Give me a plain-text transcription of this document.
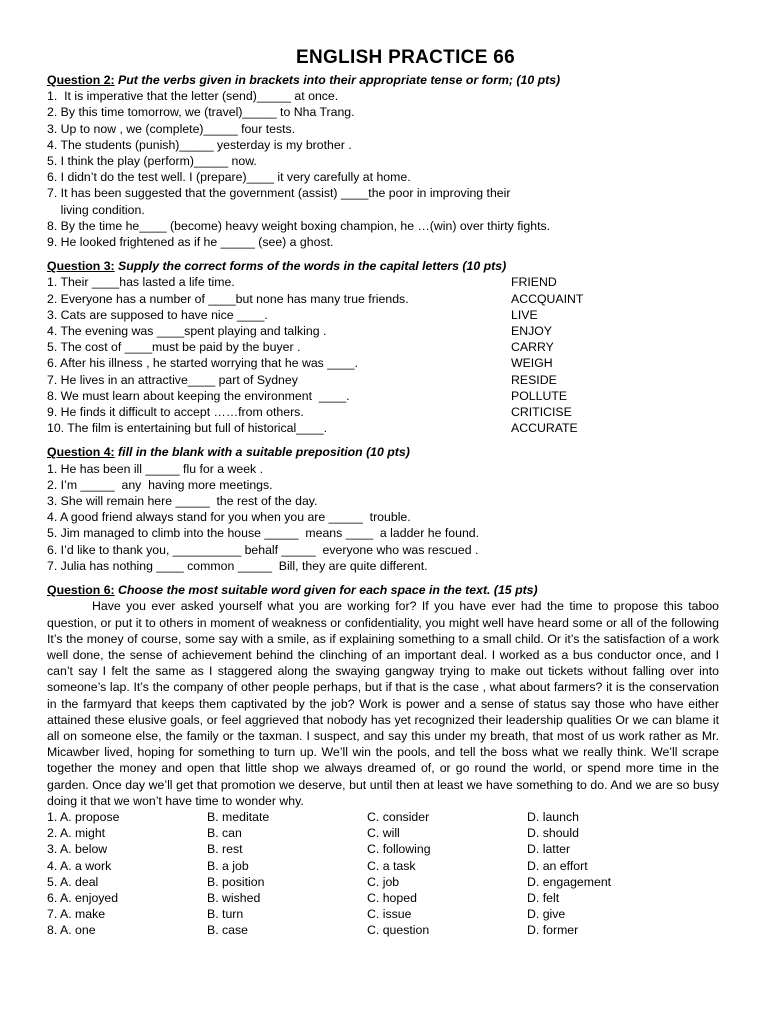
ENGLISH PRACTICE 66
Question 2: Put the verbs given in brackets into their appropriate tense or form; (10 pts)
1.  It is imperative that the letter (send)_____ at once.
2. By this time tomorrow, we (travel)_____ to Nha Trang.
3. Up to now , we (complete)_____ four tests.
4. The students (punish)_____ yesterday is my brother .
5. I think the play (perform)_____ now.
6. I didn’t do the test well. I (prepare)____ it very carefully at home.
7. It has been suggested that the government (assist) ____the poor in improving their
living condition.
8. By the time he____ (become) heavy weight boxing champion, he …(win) over thirty fights.
9. He looked frightened as if he _____ (see) a ghost.
Question 3: Supply the correct forms of the words in the capital letters (10 pts)
1. Their ____has lasted a life time.	FRIEND
2. Everyone has a number of ____but none has many true friends.	ACCQUAINT
3. Cats are supposed to have nice ____.	LIVE
4. The evening was ____spent playing and talking .	ENJOY
5. The cost of ____must be paid by the buyer .	CARRY
6. After his illness , he started worrying that he was ____.	WEIGH
7. He lives in an attractive____ part of Sydney	RESIDE
8. We must learn about keeping the environment  ____.	POLLUTE
9. He finds it difficult to accept ……from others.	CRITICISE
10. The film is entertaining but full of historical____.	ACCURATE
Question 4: fill in the blank with a suitable preposition (10 pts)
1. He has been ill _____ flu for a week .
2. I’m _____  any  having more meetings.
3. She will remain here _____  the rest of the day.
4. A good friend always stand for you when you are _____  trouble.
5. Jim managed to climb into the house _____  means ____  a ladder he found.
6. I’d like to thank you, __________ behalf _____  everyone who was rescued .
7. Julia has nothing ____ common _____  Bill, they are quite different.
Question 6: Choose the most suitable word given for each space in the text. (15 pts)

Have you ever asked yourself what you are working for? If you have ever had the time to propose this taboo question, or put it to others in moment of weakness or confidentiality, you might well have heard some or all of the following It’s the money of course, some say with a smile, as if explaining something to a small child. Or it’s the satisfaction of a work well done, the sense of achievement behind the clinching of an important deal. I worked as a bus conductor once, and I can’t say I felt the same as I staggered along the swaying gangway trying to make out tickets without falling over into someone’s lap. It’s the company of other people perhaps, but if that is the case , what about farmers? it is the conservation in the farmyard that keeps them captivated by the job? Work is power and a sense of status say those who have either attained these elusive goals, or feel aggrieved that nobody has yet recognized their leadership qualities Or we can blame it all on someone else, the family or the taxman. I suspect, and say this under my breath, that most of us work rather as Mr. Micawber lived, hoping for something to turn up. We’ll win the pools, and tell the boss what we really think. We’ll scrape together the money and open that little shop we always dreamed of, or go round the world, or spend more time in the garden. Once day we’ll get that promotion we deserve, but until then at least we have something to do. And we are so busy doing it that we won’t have time to wonder why.

1. A. propose	B. meditate	C. consider	D. launch
2. A. might	B. can	C. will	D. should
3. A. below	B. rest	C. following	D. latter
4. A. a work	B. a job	C. a task	D. an effort
5. A. deal	B. position	C. job	D. engagement
6. A. enjoyed	B. wished	C. hoped	D. felt
7. A. make	B. turn	C. issue	D. give
8. A. one	B. case	C. question	D. former
